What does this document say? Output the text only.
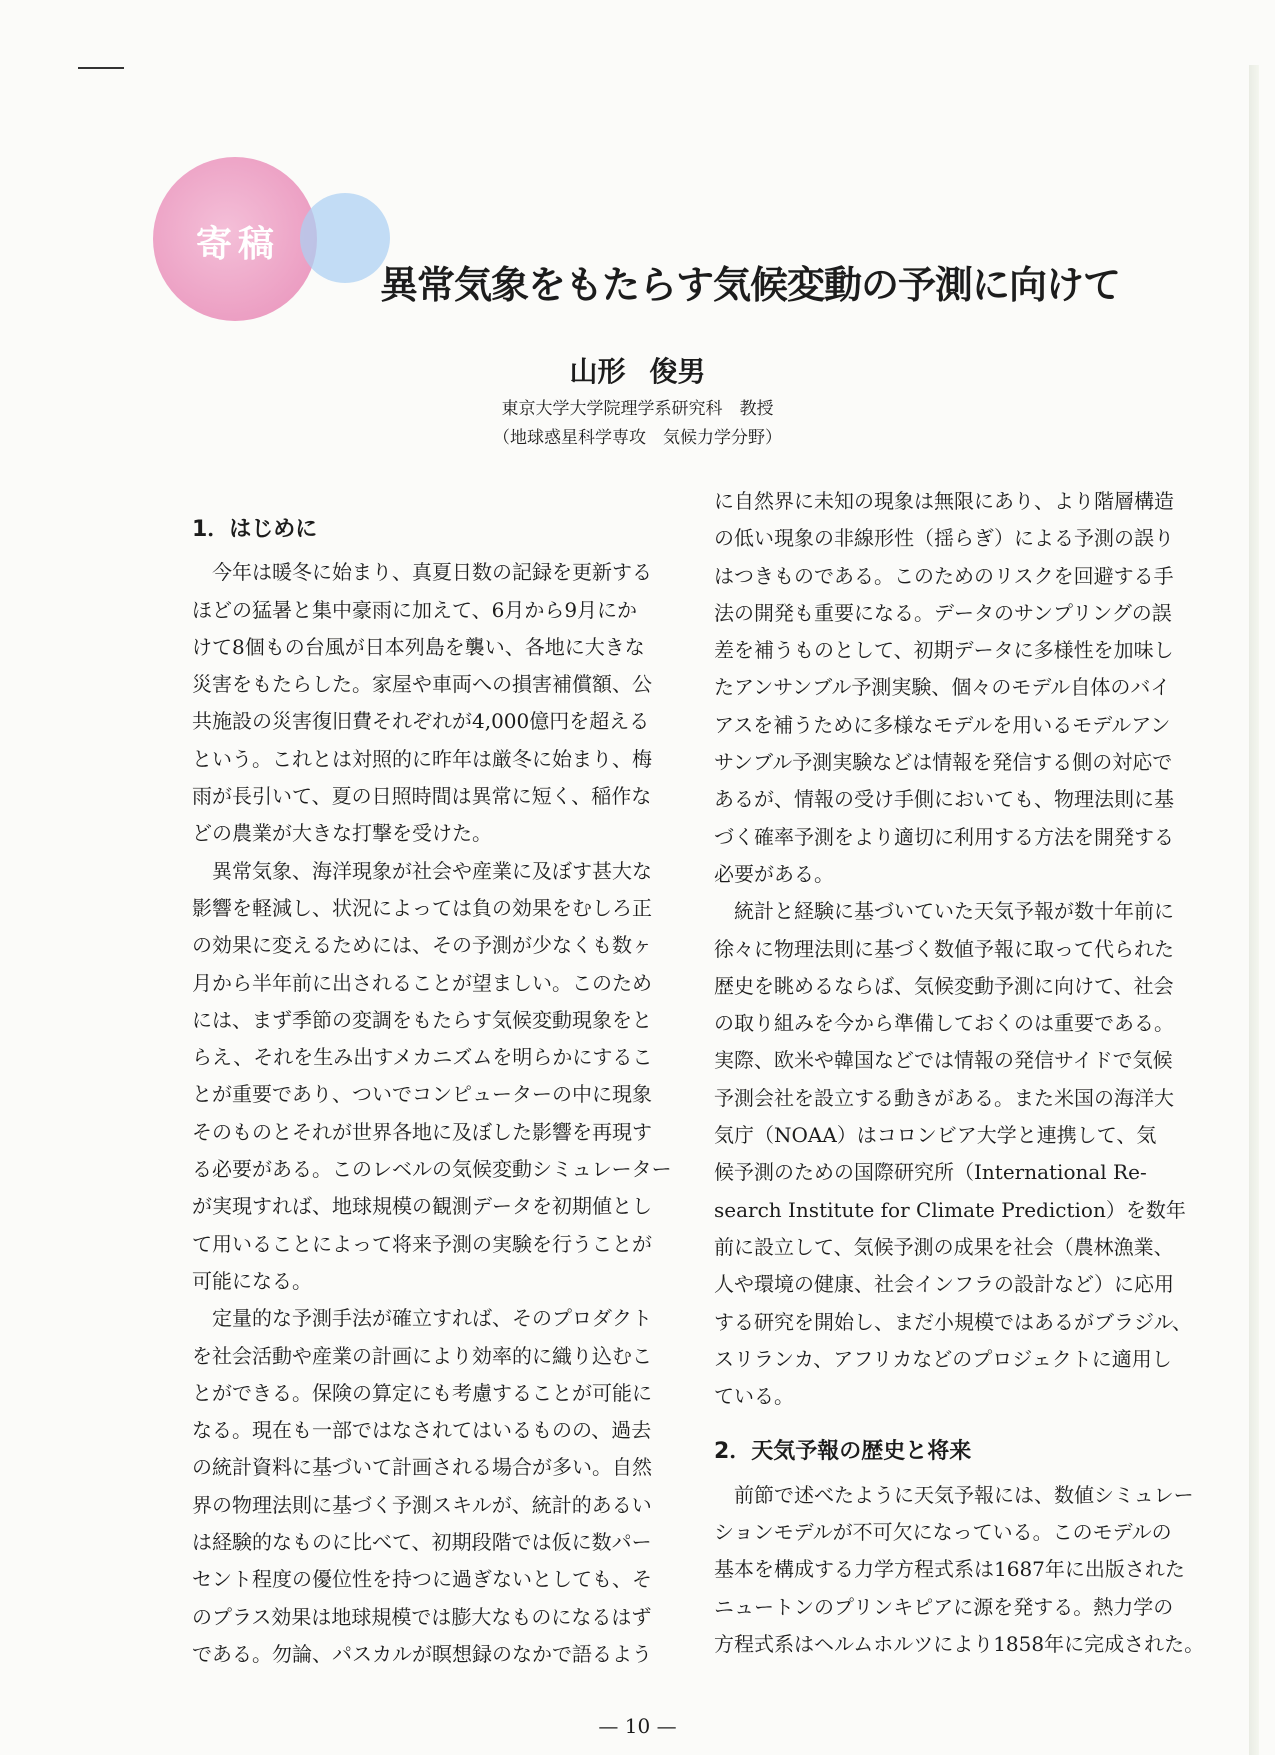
寄稿
異常気象をもたらす気候変動の予測に向けて
山形 俊男
東京大学大学院理学系研究科　教授
（地球惑星科学専攻　気候力学分野）
1．はじめに
　今年は暖冬に始まり、真夏日数の記録を更新する
ほどの猛暑と集中豪雨に加えて、6月から9月にか
けて8個もの台風が日本列島を襲い、各地に大きな
災害をもたらした。家屋や車両への損害補償額、公
共施設の災害復旧費それぞれが4,000億円を超える
という。これとは対照的に昨年は厳冬に始まり、梅
雨が長引いて、夏の日照時間は異常に短く、稲作な
どの農業が大きな打撃を受けた。
　異常気象、海洋現象が社会や産業に及ぼす甚大な
影響を軽減し、状況によっては負の効果をむしろ正
の効果に変えるためには、その予測が少なくも数ヶ
月から半年前に出されることが望ましい。このため
には、まず季節の変調をもたらす気候変動現象をと
らえ、それを生み出すメカニズムを明らかにするこ
とが重要であり、ついでコンピューターの中に現象
そのものとそれが世界各地に及ぼした影響を再現す
る必要がある。このレベルの気候変動シミュレーター
が実現すれば、地球規模の観測データを初期値とし
て用いることによって将来予測の実験を行うことが
可能になる。
　定量的な予測手法が確立すれば、そのプロダクト
を社会活動や産業の計画により効率的に織り込むこ
とができる。保険の算定にも考慮することが可能に
なる。現在も一部ではなされてはいるものの、過去
の統計資料に基づいて計画される場合が多い。自然
界の物理法則に基づく予測スキルが、統計的あるい
は経験的なものに比べて、初期段階では仮に数パー
セント程度の優位性を持つに過ぎないとしても、そ
のプラス効果は地球規模では膨大なものになるはず
である。勿論、パスカルが瞑想録のなかで語るよう
に自然界に未知の現象は無限にあり、より階層構造
の低い現象の非線形性（揺らぎ）による予測の誤り
はつきものである。このためのリスクを回避する手
法の開発も重要になる。データのサンプリングの誤
差を補うものとして、初期データに多様性を加味し
たアンサンブル予測実験、個々のモデル自体のバイ
アスを補うために多様なモデルを用いるモデルアン
サンブル予測実験などは情報を発信する側の対応で
あるが、情報の受け手側においても、物理法則に基
づく確率予測をより適切に利用する方法を開発する
必要がある。
　統計と経験に基づいていた天気予報が数十年前に
徐々に物理法則に基づく数値予報に取って代られた
歴史を眺めるならば、気候変動予測に向けて、社会
の取り組みを今から準備しておくのは重要である。
実際、欧米や韓国などでは情報の発信サイドで気候
予測会社を設立する動きがある。また米国の海洋大
気庁（NOAA）はコロンビア大学と連携して、気
候予測のための国際研究所（International Re-
search Institute for Climate Prediction）を数年
前に設立して、気候予測の成果を社会（農林漁業、
人や環境の健康、社会インフラの設計など）に応用
する研究を開始し、まだ小規模ではあるがブラジル、
スリランカ、アフリカなどのプロジェクトに適用し
ている。
2．天気予報の歴史と将来
　前節で述べたように天気予報には、数値シミュレー
ションモデルが不可欠になっている。このモデルの
基本を構成する力学方程式系は1687年に出版された
ニュートンのプリンキピアに源を発する。熱力学の
方程式系はヘルムホルツにより1858年に完成された。
— 10 —
